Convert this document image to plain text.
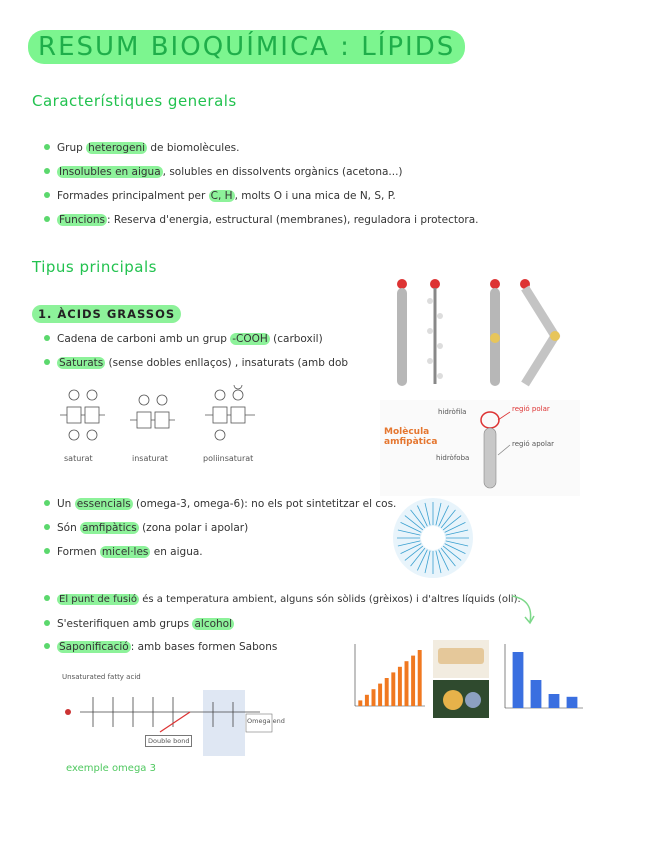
RESUM BIOQUÍMICA : LÍPIDS
Característiques generals
Grup heterogeni de biomolècules.
Insolubles en aigua , solubles en dissolvents orgànics (acetona...)
Formades principalment per C, H , molts O i una mica de N, S, P.
Funcions : Reserva d'energia, estructural (membranes), reguladora i protectora.
Tipus principals
1. ÀCIDS GRASSOS
Cadena de carboni amb un grup -COOH (carboxil)
Saturats (sense dobles enllaços) , insaturats (amb dob
saturat	insaturat	poliinsaturat
Molècula amfipàtica
hidròfila
hidròfoba
regió polar
regió apolar
Un essencials (omega-3, omega-6): no els pot sintetitzar el cos.
Són amfipàtics (zona polar i apolar)
Formen micel·les en aigua.
El punt de fusió és a temperatura ambient, alguns són sòlids (grèixos) i d'altres líquids (oli).
S'esterifiquen amb grups alcohol
Saponificació : amb bases formen Sabons
Unsaturated fatty acid
Double bond
Omega end
exemple omega 3
